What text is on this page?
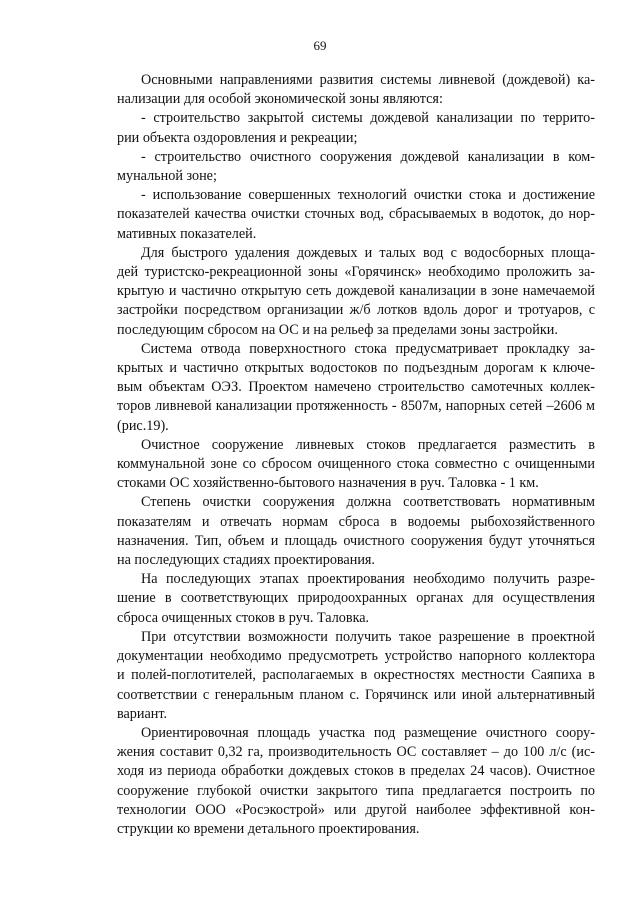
69
Основными направлениями развития системы ливневой (дождевой) ка-
нализации для особой экономической зоны являются:
- строительство закрытой системы дождевой канализации по террито-
рии объекта оздоровления и рекреации;
- строительство очистного сооружения дождевой канализации в ком-
мунальной зоне;
- использование совершенных технологий очистки стока и достижение
показателей качества очистки сточных вод, сбрасываемых в водоток, до нор-
мативных показателей.
Для быстрого удаления дождевых и талых вод с водосборных площа-
дей туристско-рекреационной зоны «Горячинск» необходимо проложить за-
крытую и частично открытую сеть дождевой канализации в зоне намечаемой
застройки посредством организации ж/б лотков вдоль дорог и тротуаров, с
последующим сбросом на ОС и на рельеф за пределами зоны застройки.
Система отвода поверхностного стока предусматривает прокладку за-
крытых и частично открытых водостоков по подъездным дорогам к ключе-
вым объектам ОЭЗ. Проектом намечено строительство самотечных коллек-
торов ливневой канализации протяженность - 8507м, напорных сетей –2606 м
(рис.19).
Очистное сооружение ливневых стоков предлагается разместить в
коммунальной зоне со сбросом очищенного стока совместно с очищенными
стоками ОС хозяйственно-бытового назначения в руч. Таловка - 1 км.
Степень очистки сооружения должна соответствовать нормативным
показателям и отвечать нормам сброса в водоемы рыбохозяйственного
назначения. Тип, объем и площадь очистного сооружения будут уточняться
на последующих стадиях проектирования.
На последующих этапах проектирования необходимо получить разре-
шение в соответствующих природоохранных органах для осуществления
сброса очищенных стоков в руч. Таловка.
При отсутствии возможности получить такое разрешение в проектной
документации необходимо предусмотреть устройство напорного коллектора
и полей-поглотителей, располагаемых в окрестностях местности Саяпиха в
соответствии с генеральным планом с. Горячинск или иной альтернативный
вариант.
Ориентировочная площадь участка под размещение очистного соору-
жения составит 0,32 га, производительность ОС составляет – до 100 л/с (ис-
ходя из периода обработки дождевых стоков в пределах 24 часов). Очистное
сооружение глубокой очистки закрытого типа предлагается построить по
технологии ООО «Росэкострой» или другой наиболее эффективной кон-
струкции ко времени детального проектирования.
